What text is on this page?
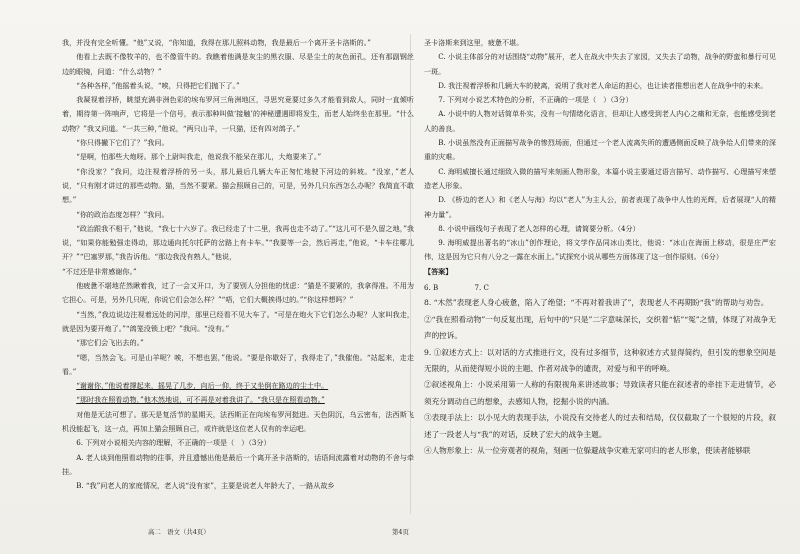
我，并没有完全听懂。“他”又说，“你知道，我得在那儿照料动物，我是最后一个离开圣卡洛斯的。”

他看上去既不像牧羊的，也不像管牛的。我瞧着他满是灰尘的黑衣服、尽是尘土的灰色面孔，还有那副钢丝边的眼镜，问道：“什么动物？”

“各种各样，”他摇着头说，“唉，只得把它们抛下了。”

我凝视着浮桥，眺望充满非洲色彩的埃布罗河三角洲地区，寻思究竟要过多久才能看到敌人，同时一直倾听着，期待第一阵响声，它将是一个信号，表示那种叫做‘接触’的神秘遭遇即将发生，而老人始终坐在那里。“什么动物？”我又问道。“一共三种，”他说，“两只山羊，一只猫，还有四对鸽子。”

“你只得撇下它们了？”我问。

“是啊，怕那些大炮呀。那个上尉叫我走，他说我不能呆在那儿，大炮要来了。”

“你没家？”我问，边注视着浮桥的另一头，那儿最后几辆大车正匆忙地驶下河边的斜坡。“没家，”老人说，“只有刚才讲过的那些动物。猫，当然不要紧。猫会照顾自己的，可是，另外几只东西怎么办呢？我简直不敢想。”

“你的政治态度怎样？”我问。

“政治跟我不相干，”他说，“我七十六岁了。我已经走了十二里，我再也走不动了。”“这儿可不是久留之地，”我说，“如果你能勉强走得动，那边通向托尔托萨的岔路上有卡车。”“我要等一会，然后再走，”他说，“卡车往哪儿开？”“巴塞罗那，”我告诉他。“那边我没有熟人，”他说，

“不过还是非常感谢你。”

他疲惫不堪地茫然瞅着我，过了一会又开口，为了要别人分担他的忧虑：“猫是不要紧的，我拿得准。不用为它担心。可是，另外几只呢，你说它们会怎么样？”“唔，它们大概挨得过的。”“你这样想吗？”

“当然，”我边说边注视着远处的河岸，那里已经看不见大车了。“可是在炮火下它们怎么办呢？人家叫我走，就是因为要开炮了。”“鸽笼没锁上吧？”我问。“没有。”

“那它们会飞出去的。”

“嗯，当然会飞。可是山羊呢？唉，不想也罢，”他说。“要是你歇好了，我得走了，”我催他。“站起来，走走看。”

“谢谢你，”他说着撑起来，摇晃了几步，向后一仰，终于又坐倒在路边的尘土中。

“那时我在照看动物，”他木然地说，可不再是对着我讲了。“我只是在照看动物。”

对他是无法可想了。那天是复活节的星期天，法西斯正在向埃布罗河挺进。天色阴沉，乌云密布，法西斯飞机没能起飞，这一点，再加上猫会照顾自己，或许就是这位老人仅有的幸运吧。

6. 下列对小说相关内容的理解，不正确的一项是（　）（3分）

A. 老人谈到他照看动物的往事，并且遗憾出他是最后一个离开圣卡洛斯的，话语间流露着对动物的不舍与牵挂。

B. “我”问老人的家庭情况，老人说“没有家”，主要是说老人年龄大了，一路从故乡

圣卡洛斯来到这里，疲惫不堪。

C. 小说主体部分的对话围绕“动物”展开，老人在战火中失去了家园，又失去了动物，战争的野蛮和暴行可见一斑。

D. 我注视着浮桥和几辆大车的驶离，说明了我对老人命运的担心，也让读者推想出老人在战争中的未来。

7. 下列对小说艺术特色的分析，不正确的一项是（　）（3分）

A. 小说中的人物对话简单朴实，没有一句情绪化语言，但却让人感受到老人内心之痛和无奈，也能感受到老人的善良。

B. 小说虽然没有正面描写战争的惨烈场面，但通过一个老人流离失所的遭遇侧面反映了战争给人们带来的深重的灾难。

C. 海明威擅长通过细致入微的描写来刻画人物形象，本篇小说主要通过语言描写、动作描写、心理描写来塑造老人形象。

D. 《桥边的老人》和《老人与海》均以“老人”为主人公，前者表现了战争中人性的光辉，后者展现“人的精神力量”。

8. 小说中画线句子表现了老人怎样的心理，请简要分析。（4分）

9. 海明威提出著名的“冰山”创作理论，将文学作品同冰山类比，他说：“冰山在海面上移动，很是庄严宏伟，这是因为它只有八分之一露在水面上。”试探究小说从哪些方面体现了这一创作原则。（6分）

【答案】

6. B	7. C

8. “木然”表现老人身心疲惫，陷入了绝望；“不再对着我讲了”，表现老人不再期盼“我”的帮助与劝告。

②“我在照看动物”一句反复出现，后句中的“只是”二字意味深长，交织着“惦”“冤”之情，体现了对战争无声的控诉。

9. ①叙述方式上：以对话的方式推进行文，没有过多细节，这种叙述方式显得简约，但引发的想象空间是无限的，从而使得短小说的主题、作者对战争的谴责，对爱与和平的呼唤。

②叙述视角上：小说采用第一人称的有限视角来讲述故事；导致读者只能在叙述者的牵挂下走进情节，必须充分调动自己的想象，去感知人物，挖掘小说的内涵。

③表现手法上：以小见大的表现手法，小说没有交待老人的过去和结局，仅仅截取了一个很短的片段，叙述了一段老人与“我”的对话，反映了宏大的战争主题。

④人物形象上：从一位旁观者的视角，刻画一位躲避战争灾难无家可归的老人形象，使读者能够联

高二　语文（共4页）	第4页
